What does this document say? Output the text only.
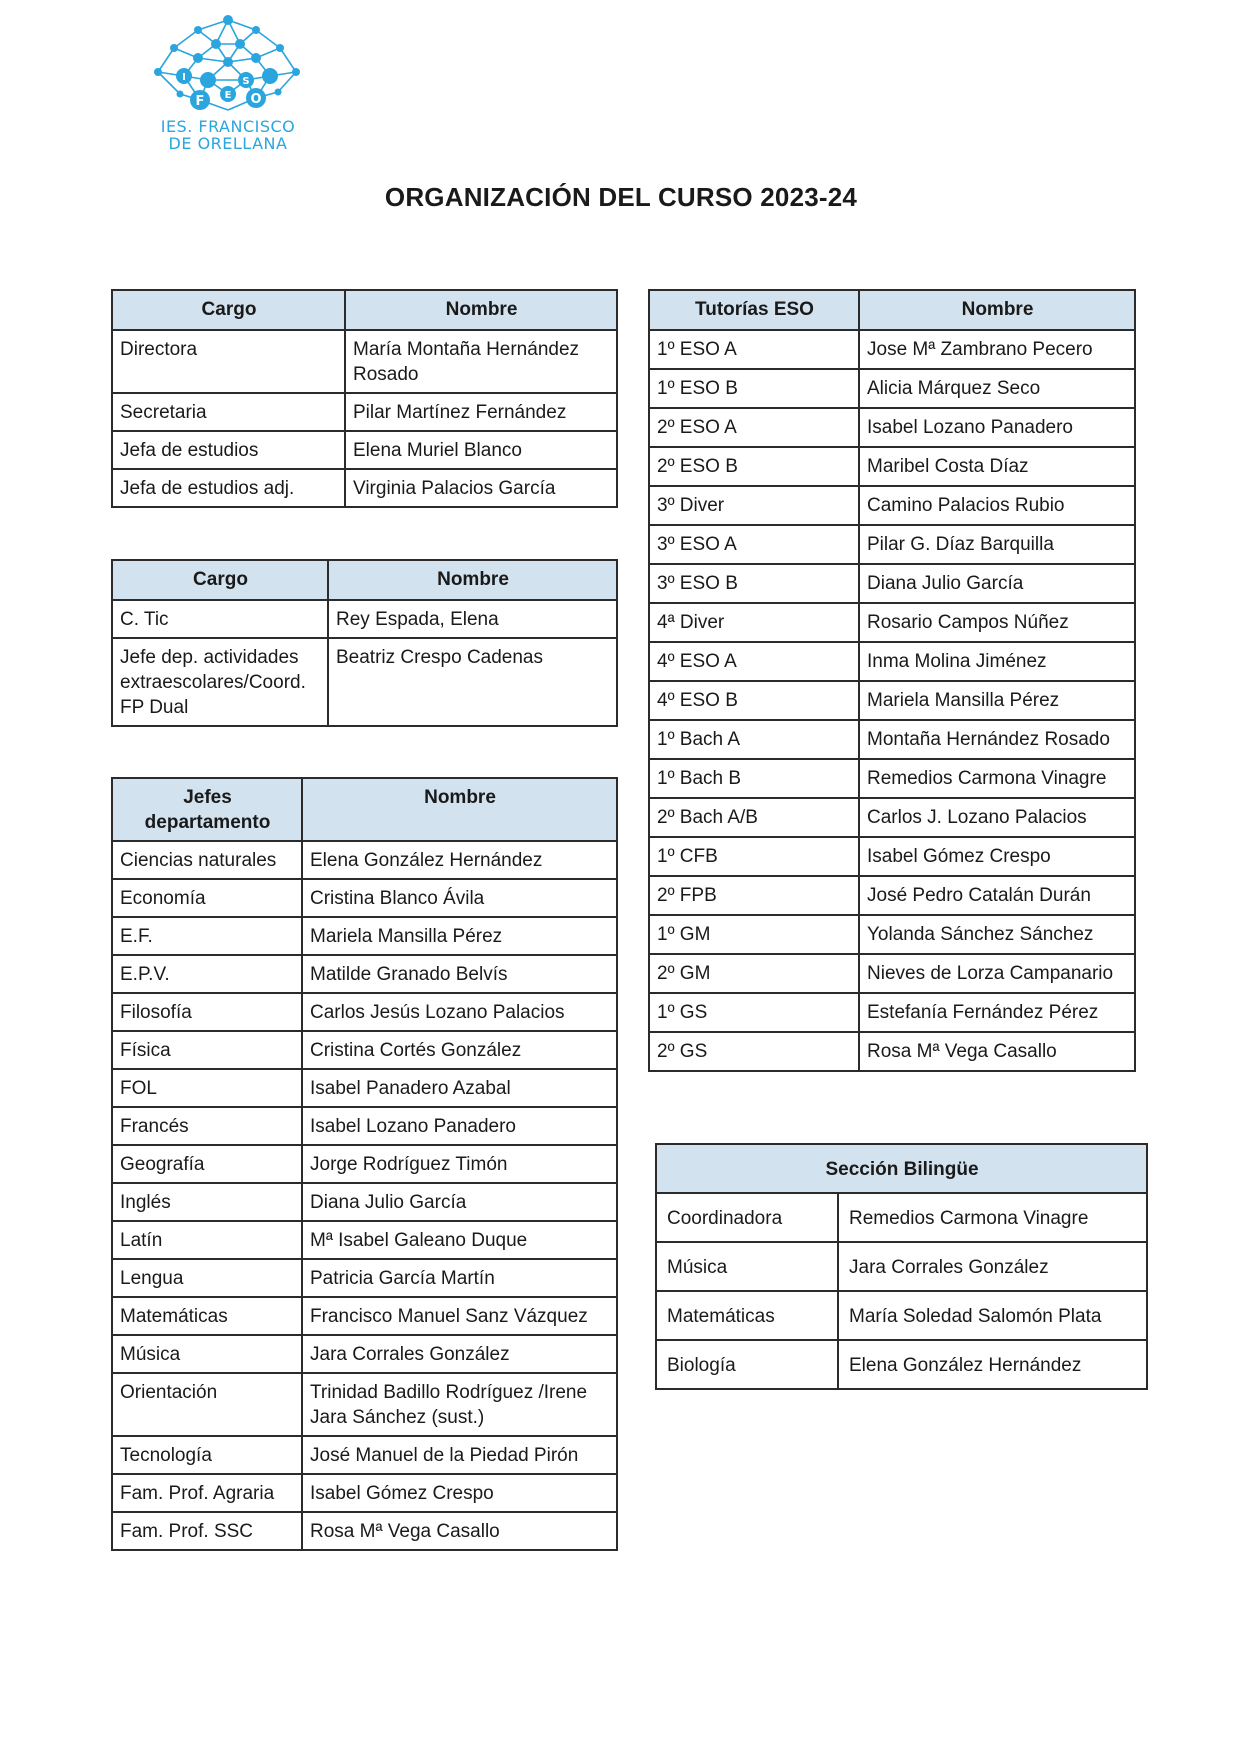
F	O
I
E
S
IES. FRANCISCO
DE ORELLANA
ORGANIZACIÓN DEL CURSO 2023-24
Cargo	Nombre
Directora	María Montaña Hernández Rosado
Secretaria	Pilar Martínez Fernández
Jefa de estudios	Elena Muriel Blanco
Jefa de estudios adj.	Virginia Palacios García
Cargo	Nombre
C. Tic	Rey Espada, Elena
Jefe dep. actividades extraescolares/Coord. FP Dual	Beatriz Crespo Cadenas
Jefes departamento	Nombre
Ciencias naturales	Elena González Hernández
Economía	Cristina Blanco Ávila
E.F.	Mariela Mansilla Pérez
E.P.V.	Matilde Granado Belvís
Filosofía	Carlos Jesús Lozano Palacios
Física	Cristina Cortés González
FOL	Isabel Panadero Azabal
Francés	Isabel Lozano Panadero
Geografía	Jorge Rodríguez Timón
Inglés	Diana Julio García
Latín	Mª Isabel Galeano Duque
Lengua	Patricia García Martín
Matemáticas	Francisco Manuel Sanz Vázquez
Música	Jara Corrales González
Orientación	Trinidad Badillo Rodríguez /Irene Jara Sánchez (sust.)
Tecnología	José Manuel de la Piedad Pirón
Fam. Prof. Agraria	Isabel Gómez Crespo
Fam. Prof. SSC	Rosa Mª Vega Casallo
Tutorías ESO	Nombre
1º ESO A	Jose Mª Zambrano Pecero
1º ESO B	Alicia Márquez Seco
2º ESO A	Isabel Lozano Panadero
2º ESO B	Maribel Costa Díaz
3º Diver	Camino Palacios Rubio
3º ESO A	Pilar G. Díaz Barquilla
3º ESO B	Diana Julio García
4ª Diver	Rosario Campos Núñez
4º ESO A	Inma Molina Jiménez
4º ESO B	Mariela Mansilla Pérez
1º Bach A	Montaña Hernández Rosado
1º Bach B	Remedios Carmona Vinagre
2º Bach A/B	Carlos J. Lozano Palacios
1º CFB	Isabel Gómez Crespo
2º FPB	José Pedro Catalán Durán
1º GM	Yolanda Sánchez Sánchez
2º GM	Nieves de Lorza Campanario
1º GS	Estefanía Fernández Pérez
2º GS	Rosa Mª Vega Casallo
Sección Bilingüe	
Coordinadora	Remedios Carmona Vinagre
Música	Jara Corrales González
Matemáticas	María Soledad Salomón Plata
Biología	Elena González Hernández
